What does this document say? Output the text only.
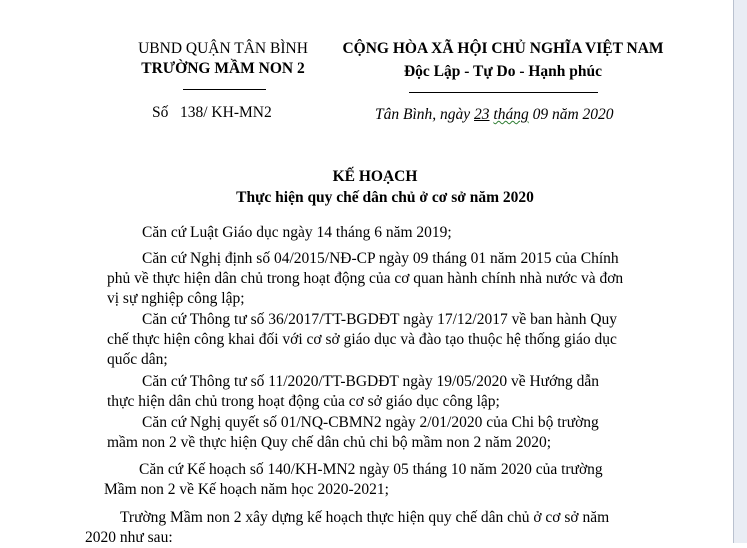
UBND QUẬN TÂN BÌNH
TRƯỜNG MẦM NON 2
Số 138/ KH-MN2
CỘNG HÒA XÃ HỘI CHỦ NGHĨA VIỆT NAM
Độc Lập - Tự Do - Hạnh phúc
Tân Bình, ngày 23 tháng 09 năm 2020
KẾ HOẠCH
Thực hiện quy chế dân chủ ở cơ sở năm 2020
Căn cứ Luật Giáo dục ngày 14 tháng 6 năm 2019;
Căn cứ Nghị định số 04/2015/NĐ-CP ngày 09 tháng 01 năm 2015 của Chính
phủ về thực hiện dân chủ trong hoạt động của cơ quan hành chính nhà nước và đơn
vị sự nghiệp công lập;
Căn cứ Thông tư số 36/2017/TT-BGDĐT ngày 17/12/2017 về ban hành Quy
chế thực hiện công khai đối với cơ sở giáo dục và đào tạo thuộc hệ thống giáo dục
quốc dân;
Căn cứ Thông tư số 11/2020/TT-BGDĐT ngày 19/05/2020 về Hướng dẫn
thực hiện dân chủ trong hoạt động của cơ sở giáo dục công lập;
Căn cứ Nghị quyết số 01/NQ-CBMN2 ngày 2/01/2020 của Chi bộ trường
mầm non 2 về thực hiện Quy chế dân chủ chi bộ mầm non 2 năm 2020;
Căn cứ Kế hoạch số 140/KH-MN2 ngày 05 tháng 10 năm 2020 của trường
Mầm non 2 về Kế hoạch năm học 2020-2021;
Trường Mầm non 2 xây dựng kế hoạch thực hiện quy chế dân chủ ở cơ sở năm
2020 như sau:
